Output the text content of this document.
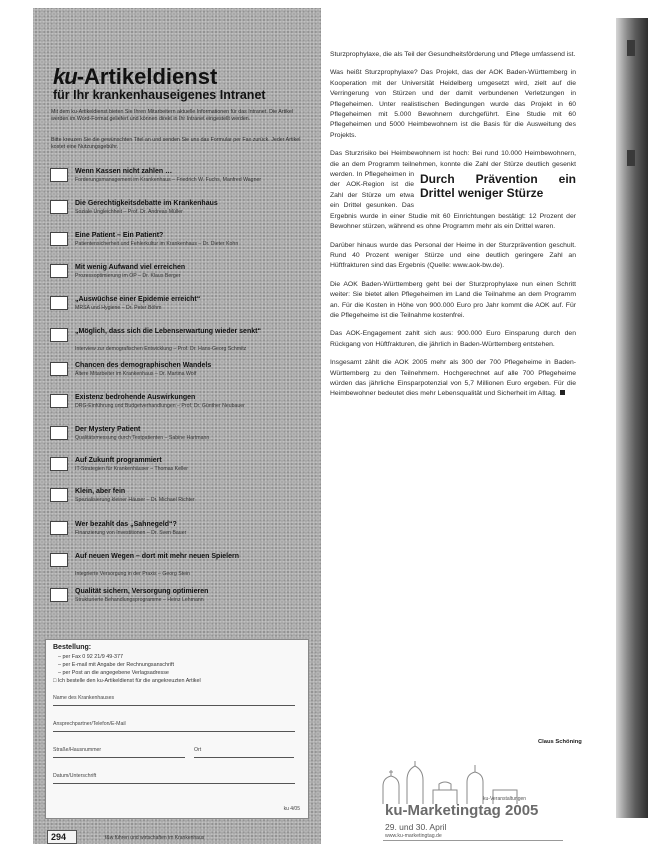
ku-Artikeldienst
für Ihr krankenhauseigenes Intranet
Mit dem ku-Artikeldienst bieten Sie Ihren Mitarbeitern aktuelle Informationen für das Intranet. Die Artikel werden im Word-Format geliefert und können direkt in Ihr Intranet eingestellt werden.
Bitte kreuzen Sie die gewünschten Titel an und senden Sie uns das Formular per Fax zurück. Jeder Artikel kostet eine Nutzungsgebühr.
Wenn Kassen nicht zahlen …
Forderungsmanagement im Krankenhaus – Friedrich W. Fuchs, Manfred Wagner
Die Gerechtigkeitsdebatte im Krankenhaus
Soziale Ungleichheit – Prof. Dr. Andreas Müller
Eine Patient – Ein Patient?
Patientensicherheit und Fehlerkultur im Krankenhaus – Dr. Dieter Kohn
Mit wenig Aufwand viel erreichen
Prozessoptimierung im OP – Dr. Klaus Berger
„Auswüchse einer Epidemie erreicht“
MRSA und Hygiene – Dr. Peter Böhm
„Möglich, dass sich die Lebenserwartung wieder senkt“
Interview zur demografischen Entwicklung – Prof. Dr. Hans-Georg Schmitz
Chancen des demographischen Wandels
Ältere Mitarbeiter im Krankenhaus – Dr. Martina Wolf
Existenz bedrohende Auswirkungen
DRG-Einführung und Budgetverhandlungen – Prof. Dr. Günther Neubauer
Der Mystery Patient
Qualitätsmessung durch Testpatienten – Sabine Hartmann
Auf Zukunft programmiert
IT-Strategien für Krankenhäuser – Thomas Keller
Klein, aber fein
Spezialisierung kleiner Häuser – Dr. Michael Richter
Wer bezahlt das „Sahnegeld“?
Finanzierung von Investitionen – Dr. Sven Bauer
Auf neuen Wegen – dort mit mehr neuen Spielern
Integrierte Versorgung in der Praxis – Georg Stein
Qualität sichern, Versorgung optimieren
Strukturierte Behandlungsprogramme – Heinz Lehmann
Bestellung:
– per Fax 0 92 21/9 49-377
– per E-mail mit Angabe der Rechnungsanschrift
– per Post an die angegebene Verlagsadresse
□ Ich bestelle den ku-Artikeldienst für die angekreuzten Artikel
Name des Krankenhauses
Ansprechpartner/Telefon/E-Mail
Straße/Hausnummer	Ort
Datum/Unterschrift
ku 4/05
294	f&w führen und wirtschaften im Krankenhaus

Sturzprophylaxe, die als Teil der Gesundheitsförderung und Pflege umfassend ist.

Was heißt Sturzprophylaxe? Das Projekt, das der AOK Baden-Württemberg in Kooperation mit der Universität Heidelberg umgesetzt wird, zielt auf die Verringerung von Stürzen und der damit verbundenen Verletzungen in Pflegeheimen. Unter realistischen Bedingungen wurde das Projekt in 60 Pflegeheimen mit 5.000 Bewohnern durchgeführt. Eine Studie mit 60 Pflegeheimen und 5000 Heimbewohnern ist die Basis für die Ausweitung des Projekts.

Das Sturzrisiko bei Heimbewohnern ist hoch: Bei rund 10.000 Heimbewohnern, die an dem Programm teilnehmen,
Durch Prävention ein Drittel weniger Stürze
konnte die Zahl der Stürze deutlich gesenkt werden. In Pflegeheimen in der AOK-Region ist die Zahl der Stürze um etwa ein Drittel gesunken. Das Ergebnis wurde in einer Studie mit 60 Einrichtungen bestätigt: 12 Prozent der Bewohner stürzen, während es ohne Programm mehr als ein Drittel waren.

Darüber hinaus wurde das Personal der Heime in der Sturzprävention geschult. Rund 40 Prozent weniger Stürze und eine deutlich geringere Zahl an Hüftfrakturen sind das Ergebnis (Quelle: www.aok-bw.de).

Die AOK Baden-Württemberg geht bei der Sturzprophylaxe nun einen Schritt weiter: Sie bietet allen Pflegeheimen im Land die Teilnahme an dem Programm an. Für die Kosten in Höhe von 900.000 Euro pro Jahr kommt die AOK auf. Für die Pflegeheime ist die Teilnahme kostenfrei.

Das AOK-Engagement zahlt sich aus: 900.000 Euro Einsparung durch den Rückgang von Hüftfrakturen, die jährlich in Baden-Württemberg entstehen.

Insgesamt zählt die AOK 2005 mehr als 300 der 700 Pflegeheime in Baden-Württemberg zu den Teilnehmern. Hochgerechnet auf alle 700 Pflegeheime würden das jährliche Einsparpotenzial von 5,7 Millionen Euro ergeben. Für die Heimbewohner bedeutet dies mehr Lebensqualität und Sicherheit im Alltag.

Claus Schöning
ku-Veranstaltungen
ku-Marketingtag 2005
29. und 30. April
www.ku-marketingtag.de
